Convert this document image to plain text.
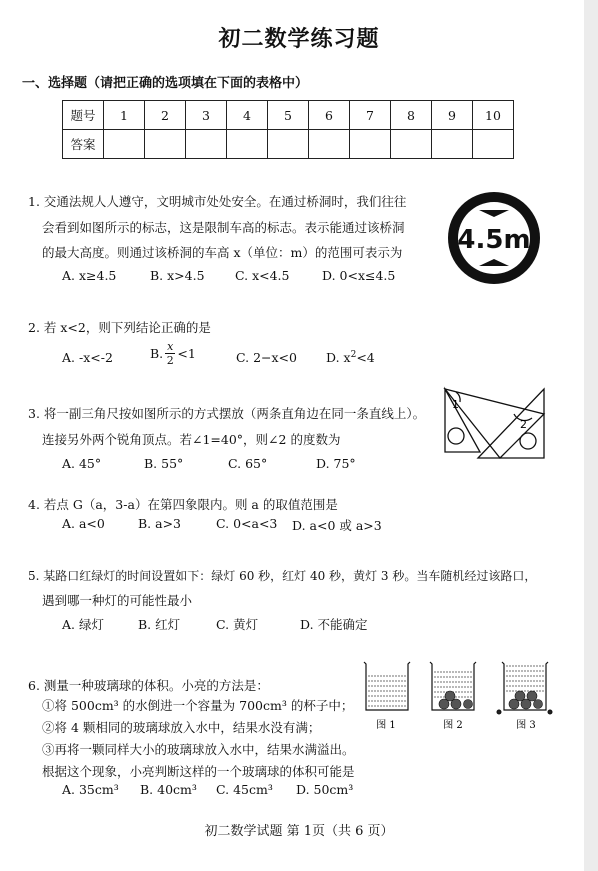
初二数学练习题
一、选择题（请把正确的选项填在下面的表格中）
题号	1	2	3	4	5	6	7	8	9	10
答案										
1. 交通法规人人遵守，文明城市处处安全。在通过桥洞时，我们往往
会看到如图所示的标志，这是限制车高的标志。表示能通过该桥洞
的最大高度。则通过该桥洞的车高 x（单位：m）的范围可表示为
A. x≥4.5	B. x>4.5 C. x<4.5	D. 0<x≤4.5
4.5m
2. 若 x<2，则下列结论正确的是
A. -x<-2	B. $\frac{x}{2} <1$	C. 2−x<0 D. $x^2<4$
3. 将一副三角尺按如图所示的方式摆放（两条直角边在同一条直线上）。
连接另外两个锐角顶点。若∠1=40°，则∠2 的度数为
A. 45°	B. 55°	C. 65°	D. 75°
1
2
4. 若点 G（a，3-a）在第四象限内。则 a 的取值范围是
A. a<0	B. a>3	C. 0<a<3 D. a<0 或 a>3
5. 某路口红绿灯的时间设置如下：绿灯 60 秒，红灯 40 秒，黄灯 3 秒。当车随机经过该路口，
遇到哪一种灯的可能性最小
A. 绿灯	B. 红灯	C. 黄灯	D. 不能确定
6. 测量一种玻璃球的体积。小亮的方法是：
①将 500cm³ 的水倒进一个容量为 700cm³ 的杯子中；
②将 4 颗相同的玻璃球放入水中，结果水没有满；
③再将一颗同样大小的玻璃球放入水中，结果水满溢出。
根据这个现象，小亮判断这样的一个玻璃球的体积可能是
A. 35cm³ B. 40cm³ C. 45cm³ D. 50cm³
图 1	图 2	图 3
初二数学试题 第 1页（共 6 页）
